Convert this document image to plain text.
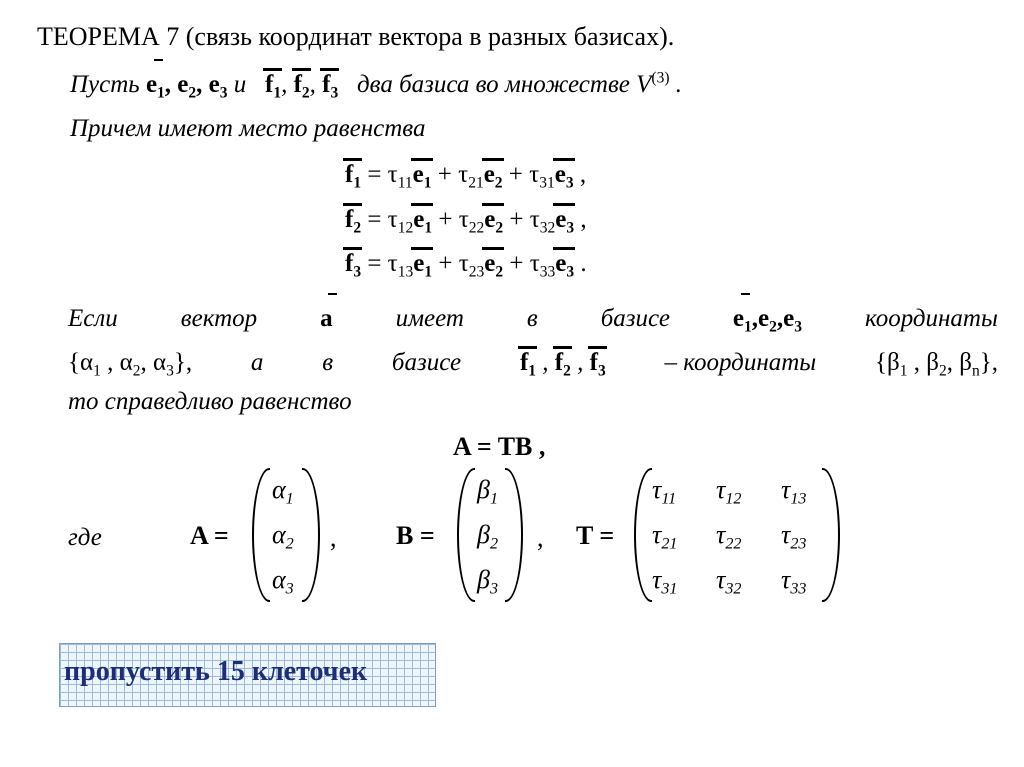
ТЕОРЕМА 7 (связь координат вектора в разных базисах).
Пусть $e_1$, $e_2$, $e_3$ и $f_1$, $f_2$, $f_3$ два базиса во множестве $V^{(3)}$ .
Причем имеют место равенства
$f_1 = \tau_{11}e_1 + \tau_{21}e_2 + \tau_{31}e_3$ ,
$f_2 = \tau_{12}e_1 + \tau_{22}e_2 + \tau_{32}e_3$ ,
$f_3 = \tau_{13}e_1 + \tau_{23}e_2 + \tau_{33}e_3$ .
Если	вектор	a	имеет	в	базисе	$e_1,e_2,e_3$	координаты
{$\alpha_1$ , $\alpha_2$, $\alpha_3$}, а в базисе $f_1$ , $f_2$ , $f_3$ – координаты {$\beta_1$ , $\beta_2$, $\beta_n$},
то справедливо равенство
A = TB ,
где	A =
$\alpha_1$
$\alpha_2$
$\alpha_3$
, B =
$\beta_1$
$\beta_2$
$\beta_3$
, T =
$\tau_{11}$ $\tau_{12}$ $\tau_{13}$
$\tau_{21}$ $\tau_{22}$ $\tau_{23}$
$\tau_{31}$ $\tau_{32}$ $\tau_{33}$
пропустить 15 клеточек
